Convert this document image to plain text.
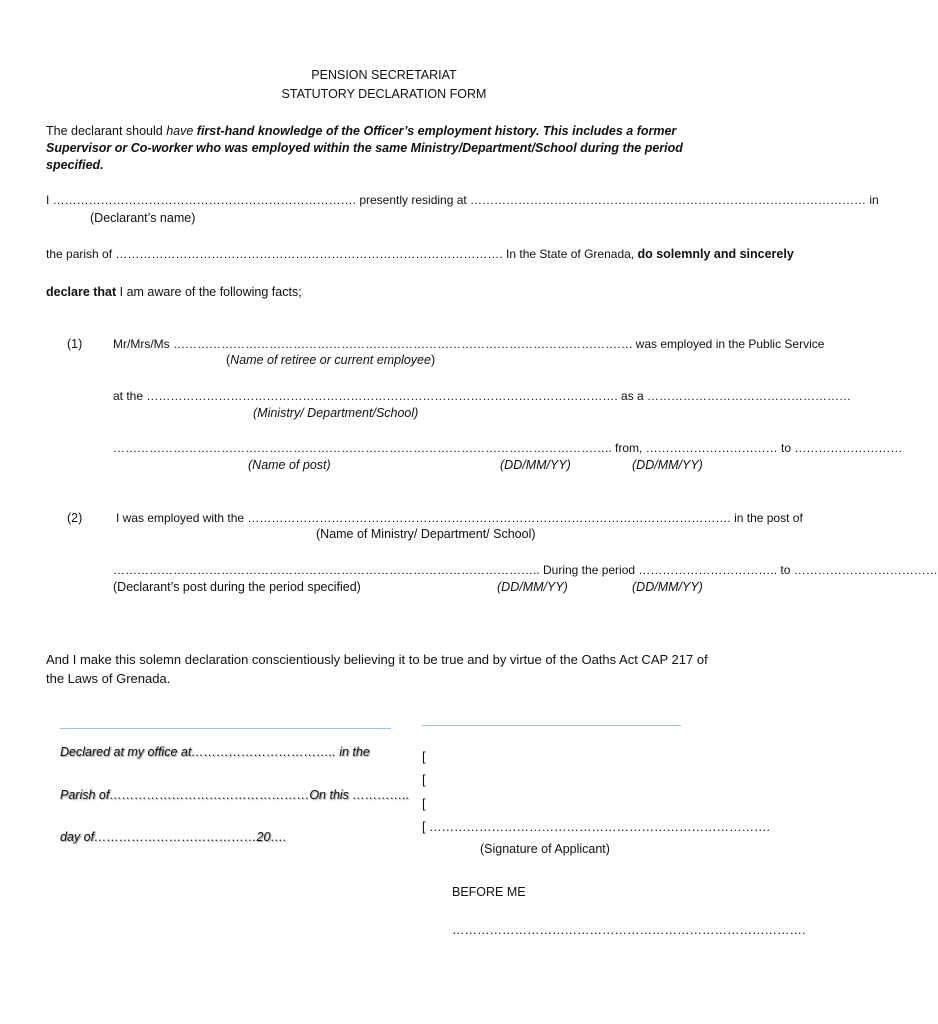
PENSION SECRETARIAT
STATUTORY DECLARATION FORM
The declarant should have first-hand knowledge of the Officer’s employment history. This includes a former Supervisor or Co-worker who was employed within the same Ministry/Department/School during the period specified.
I …………………………………………………………………. presently residing at ……………………………………………………………………………………… in
(Declarant’s name)
the parish of ……………………………………………………………………………………. In the State of Grenada, do solemnly and sincerely
declare that I am aware of the following facts;
(1)	Mr/Mrs/Ms ……………………………………………………………………………………………………. was employed in the Public Service
(Name of retiree or current employee)
at the ………………………………………………………………………………………………………. as a ……………………………………………
(Ministry/ Department/School)
…………………………………………………………………………………………………………….. from, …………………………… to ………………………
(Name of post)	(DD/MM/YY)	(DD/MM/YY)
(2)	I was employed with the …………………………………………………………………………………………………………. in the post of
(Name of Ministry/ Department/ School)
…………………………………………………………………………………………….. During the period …………………………….. to ………………………………
(Declarant’s post during the period specified)	(DD/MM/YY)	(DD/MM/YY)
And I make this solemn declaration conscientiously believing it to be true and by virtue of the Oaths Act CAP 217 of the Laws of Grenada.
Declared at my office at…………………………….. in the
Parish of…………………………………………On this …………..
day of…………………………………20….
[
[
[
[ ……………………………………………………………………….
(Signature of Applicant)
BEFORE ME
………………………………………………………………………….
